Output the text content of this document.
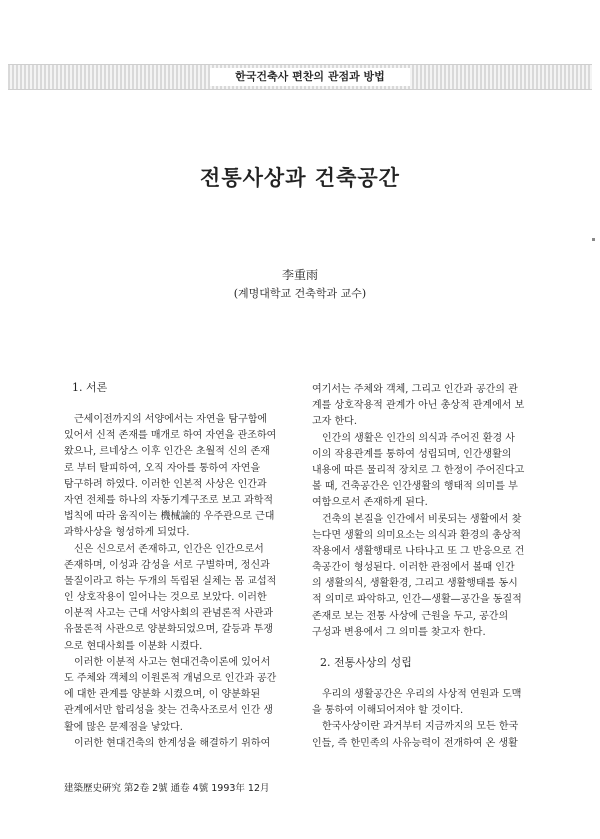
한국건축사 편찬의 관점과 방법
전통사상과 건축공간
李重雨
(계명대학교 건축학과 교수)
1. 서론
근세이전까지의 서양에서는 자연을 탐구함에
있어서 신적 존재를 매개로 하여 자연을 관조하여
왔으나, 르네상스 이후 인간은 초월적 신의 존재
로 부터 탈피하여, 오직 자아를 통하여 자연을
탐구하려 하였다. 이러한 인본적 사상은 인간과
자연 전체를 하나의 자동기계구조로 보고 과학적
법칙에 따라 움직이는 機械論的 우주관으로 근대
과학사상을 형성하게 되었다.
신은 신으로서 존재하고, 인간은 인간으로서
존재하며, 이성과 감성을 서로 구별하며, 정신과
물질이라고 하는 두개의 독립된 실체는 몸 교섭적
인 상호작용이 일어나는 것으로 보았다. 이러한
이분적 사고는 근대 서양사회의 관념론적 사관과
유물론적 사관으로 양분화되었으며, 갈등과 투쟁
으로 현대사회를 이분화 시켰다.
이러한 이분적 사고는 현대건축이론에 있어서
도 주체와 객체의 이원론적 개념으로 인간과 공간
에 대한 관계를 양분화 시켰으며, 이 양분화된
관계에서만 합리성을 찾는 건축사조로서 인간 생
활에 많은 문제점을 낳았다.
이러한 현대건축의 한계성을 해결하기 위하여
여기서는 주체와 객체, 그리고 인간과 공간의 관
계를 상호작용적 관계가 아닌 총상적 관계에서 보
고자 한다.
인간의 생활은 인간의 의식과 주어진 환경 사
이의 작용관계를 통하여 성립되며, 인간생활의
내용에 따른 물리적 장치로 그 한정이 주어진다고
볼 때, 건축공간은 인간생활의 행태적 의미를 부
여함으로서 존재하게 된다.
건축의 본질을 인간에서 비롯되는 생활에서 찾
는다면 생활의 의미요소는 의식과 환경의 총상적
작용에서 생활행태로 나타나고 또 그 반응으로 건
축공간이 형성된다. 이러한 관점에서 볼때 인간
의 생활의식, 생활환경, 그리고 생활행태를 동시
적 의미로 파악하고, 인간—생활—공간을 동질적
존재로 보는 전통 사상에 근원을 두고, 공간의
구성과 변용에서 그 의미를 찾고자 한다.
2. 전통사상의 성립
우리의 생활공간은 우리의 사상적 연원과 도맥
을 통하여 이해되어져야 할 것이다.
한국사상이란 과거부터 지금까지의 모든 한국
인들, 즉 한민족의 사유능력이 전개하여 온 생활
建築歷史硏究 第2卷 2號 通卷 4號 1993年 12月
